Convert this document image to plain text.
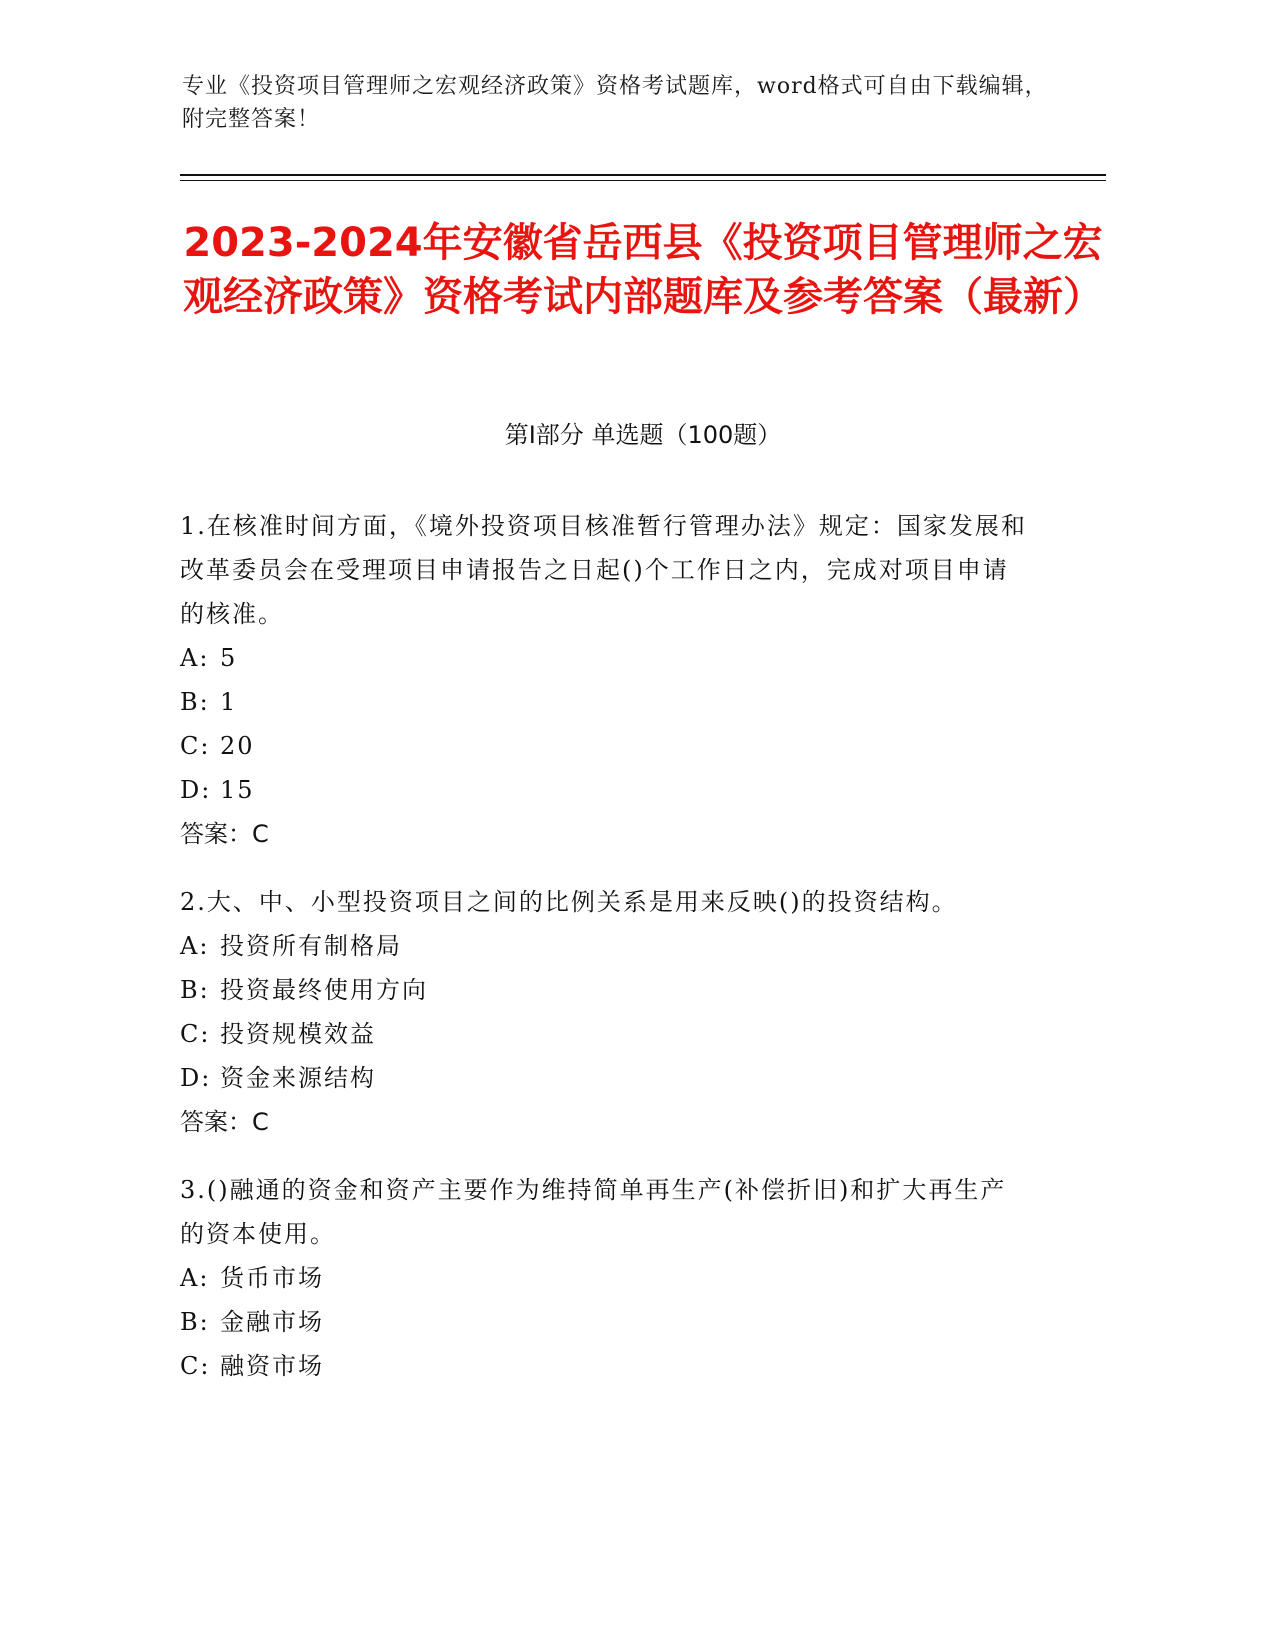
专业《投资项目管理师之宏观经济政策》资格考试题库，word格式可自由下载编辑，附完整答案！
2023-2024年安徽省岳西县《投资项目管理师之宏观经济政策》资格考试内部题库及参考答案（最新）
第I部分 单选题（100题）
1.在核准时间方面，《境外投资项目核准暂行管理办法》规定：国家发展和改革委员会在受理项目申请报告之日起()个工作日之内，完成对项目申请的核准。
A: 5
B: 1
C: 20
D: 15
答案：C
2.大、中、小型投资项目之间的比例关系是用来反映()的投资结构。
A: 投资所有制格局
B: 投资最终使用方向
C: 投资规模效益
D: 资金来源结构
答案：C
3.()融通的资金和资产主要作为维持简单再生产(补偿折旧)和扩大再生产的资本使用。
A: 货币市场
B: 金融市场
C: 融资市场
